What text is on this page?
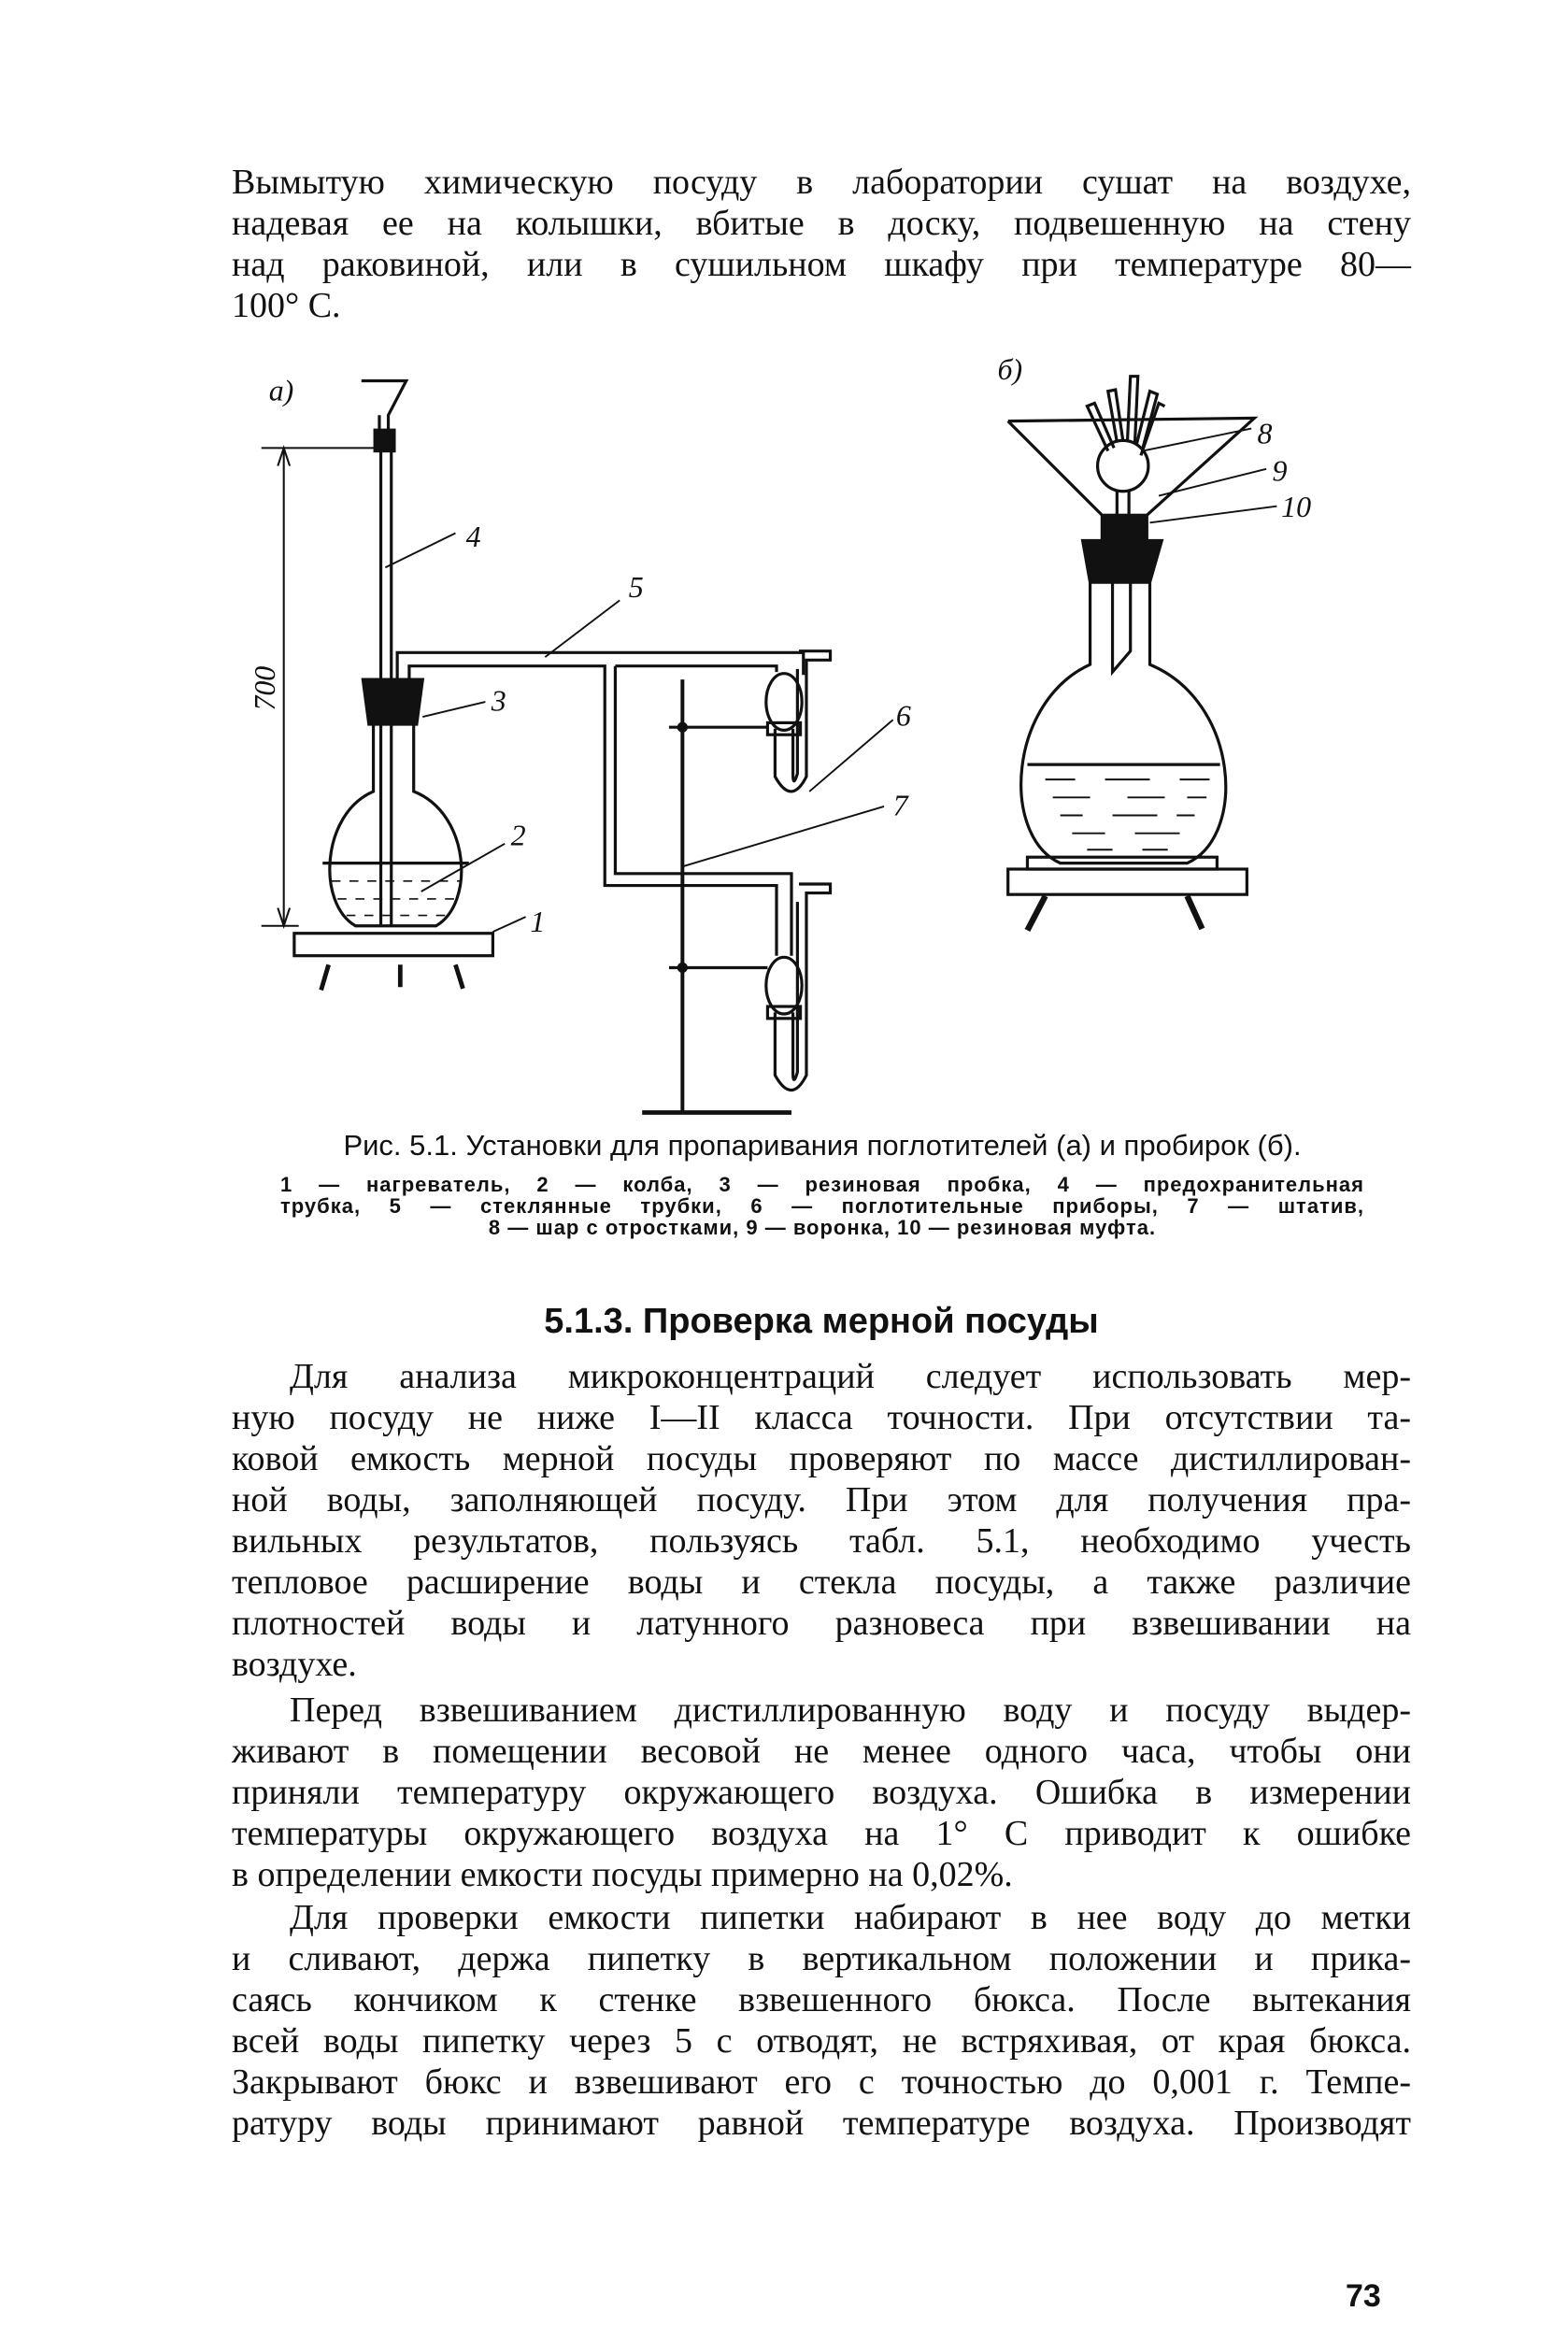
Вымытую химическую посуду в лаборатории сушат на воздухе,
надевая ее на колышки, вбитые в доску, подвешенную на стену
над раковиной, или в сушильном шкафу при температуре 80—
100° С.
а)
700
4
3
2
1
5
6
7
б)
8
9
10
Рис. 5.1. Установки для пропаривания поглотителей (а) и пробирок (б).
1 — нагреватель, 2 — колба, 3 — резиновая пробка, 4 — предохранительная
трубка, 5 — стеклянные трубки, 6 — поглотительные приборы, 7 — штатив,
8 — шар с отростками, 9 — воронка, 10 — резиновая муфта.
5.1.3. Проверка мерной посуды
Для анализа микроконцентраций следует использовать мер-
ную посуду не ниже I—II класса точности. При отсутствии та-
ковой емкость мерной посуды проверяют по массе дистиллирован-
ной воды, заполняющей посуду. При этом для получения пра-
вильных результатов, пользуясь табл. 5.1, необходимо учесть
тепловое расширение воды и стекла посуды, а также различие
плотностей воды и латунного разновеса при взвешивании на
воздухе.
Перед взвешиванием дистиллированную воду и посуду выдер-
живают в помещении весовой не менее одного часа, чтобы они
приняли температуру окружающего воздуха. Ошибка в измерении
температуры окружающего воздуха на 1° С приводит к ошибке
в определении емкости посуды примерно на 0,02%.
Для проверки емкости пипетки набирают в нее воду до метки
и сливают, держа пипетку в вертикальном положении и прика-
саясь кончиком к стенке взвешенного бюкса. После вытекания
всей воды пипетку через 5 с отводят, не встряхивая, от края бюкса.
Закрывают бюкс и взвешивают его с точностью до 0,001 г. Темпе-
ратуру воды принимают равной температуре воздуха. Производят
73
